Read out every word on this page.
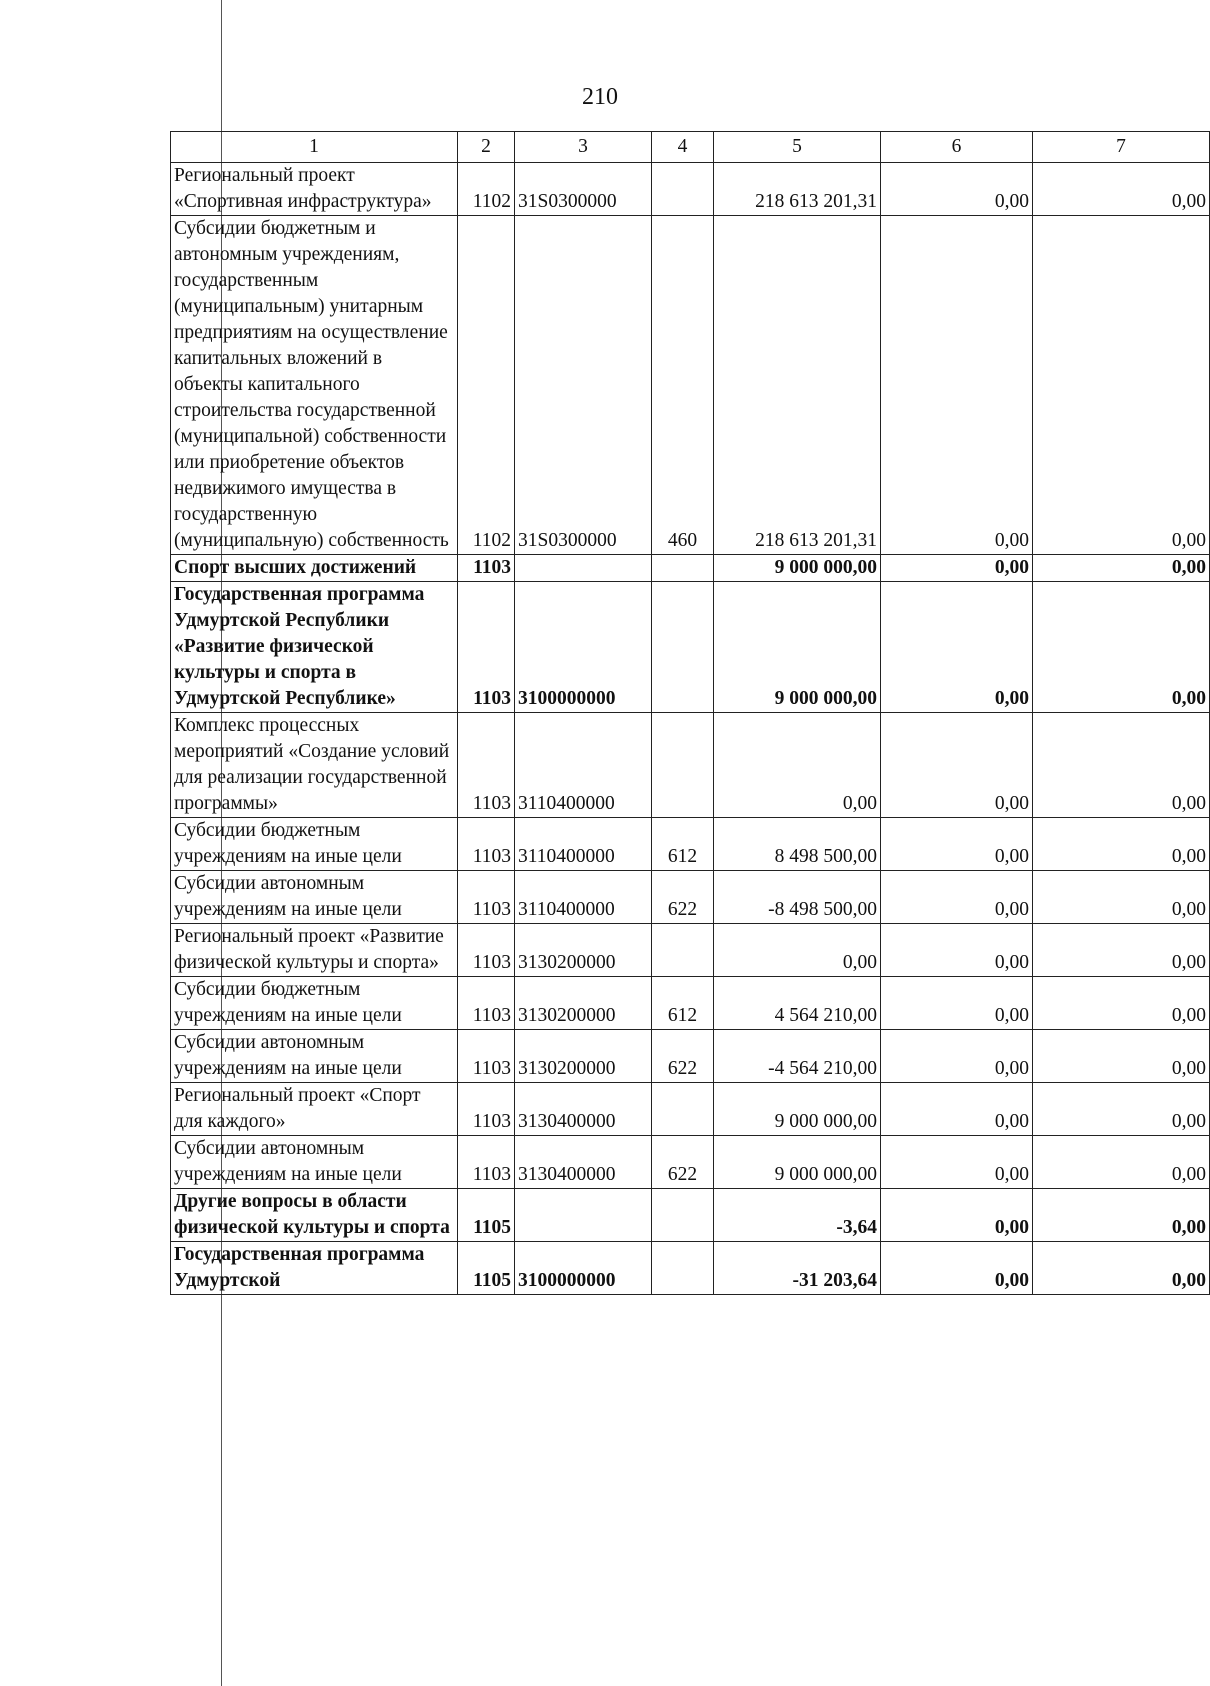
210
1	2	3	4	5	6	7
Региональный проект «Спортивная инфраструктура»	1102	31S0300000		218 613 201,31	0,00	0,00
Субсидии бюджетным и автономным учреждениям, государственным (муниципальным) унитарным предприятиям на осуществление капитальных вложений в объекты капитального строительства государственной (муниципальной) собственности или приобретение объектов недвижимого имущества в государственную (муниципальную) собственность	1102	31S0300000	460	218 613 201,31	0,00	0,00
Спорт высших достижений	1103			9 000 000,00	0,00	0,00
Государственная программа Удмуртской Республики «Развитие физической культуры и спорта в Удмуртской Республике»	1103	3100000000		9 000 000,00	0,00	0,00
Комплекс процессных мероприятий «Создание условий для реализации государственной программы»	1103	3110400000		0,00	0,00	0,00
Субсидии бюджетным учреждениям на иные цели	1103	3110400000	612	8 498 500,00	0,00	0,00
Субсидии автономным учреждениям на иные цели	1103	3110400000	622	-8 498 500,00	0,00	0,00
Региональный проект «Развитие физической культуры и спорта»	1103	3130200000		0,00	0,00	0,00
Субсидии бюджетным учреждениям на иные цели	1103	3130200000	612	4 564 210,00	0,00	0,00
Субсидии автономным учреждениям на иные цели	1103	3130200000	622	-4 564 210,00	0,00	0,00
Региональный проект «Спорт для каждого»	1103	3130400000		9 000 000,00	0,00	0,00
Субсидии автономным учреждениям на иные цели	1103	3130400000	622	9 000 000,00	0,00	0,00
Другие вопросы в области физической культуры и спорта	1105			-3,64	0,00	0,00
Государственная программа Удмуртской	1105	3100000000		-31 203,64	0,00	0,00
